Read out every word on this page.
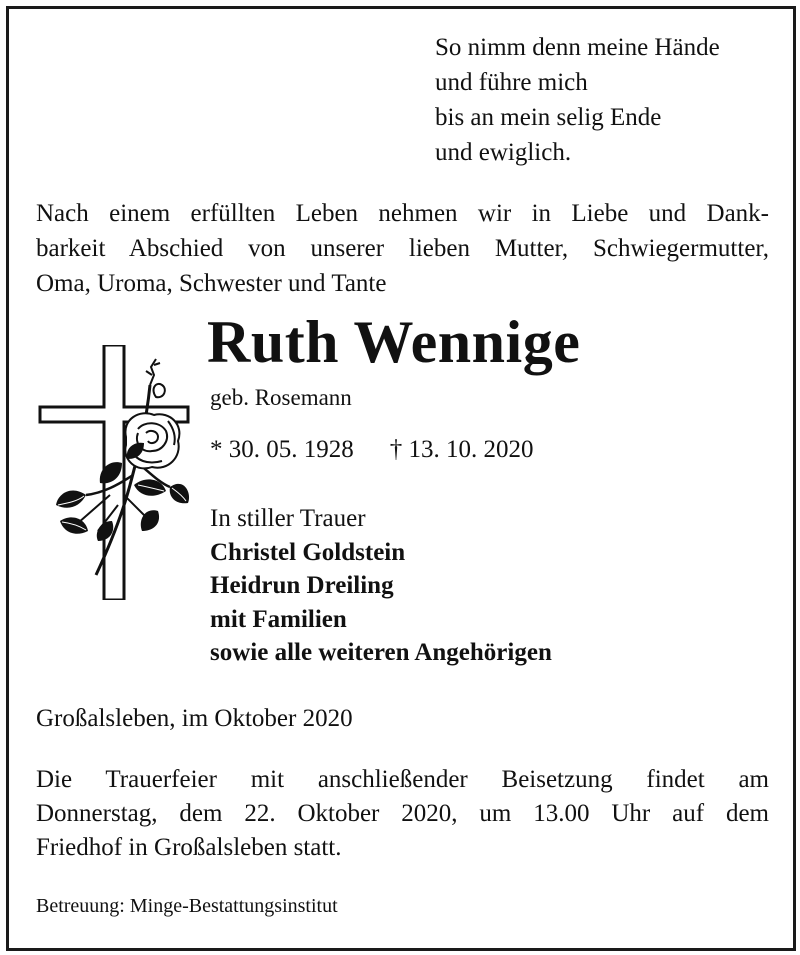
So nimm denn meine Hände
und führe mich
bis an mein selig Ende
und ewiglich.
Nach einem erfüllten Leben nehmen wir in Liebe und Dank-
barkeit Abschied von unserer lieben Mutter, Schwiegermutter,
Oma, Uroma, Schwester und Tante
Ruth Wennige
geb. Rosemann
* 30. 05. 1928 † 13. 10. 2020
In stiller Trauer
Christel Goldstein
Heidrun Dreiling
mit Familien
sowie alle weiteren Angehörigen
Großalsleben, im Oktober 2020
Die Trauerfeier mit anschließender Beisetzung findet am
Donnerstag, dem 22. Oktober 2020, um 13.00 Uhr auf dem
Friedhof in Großalsleben statt.
Betreuung: Minge-Bestattungsinstitut
